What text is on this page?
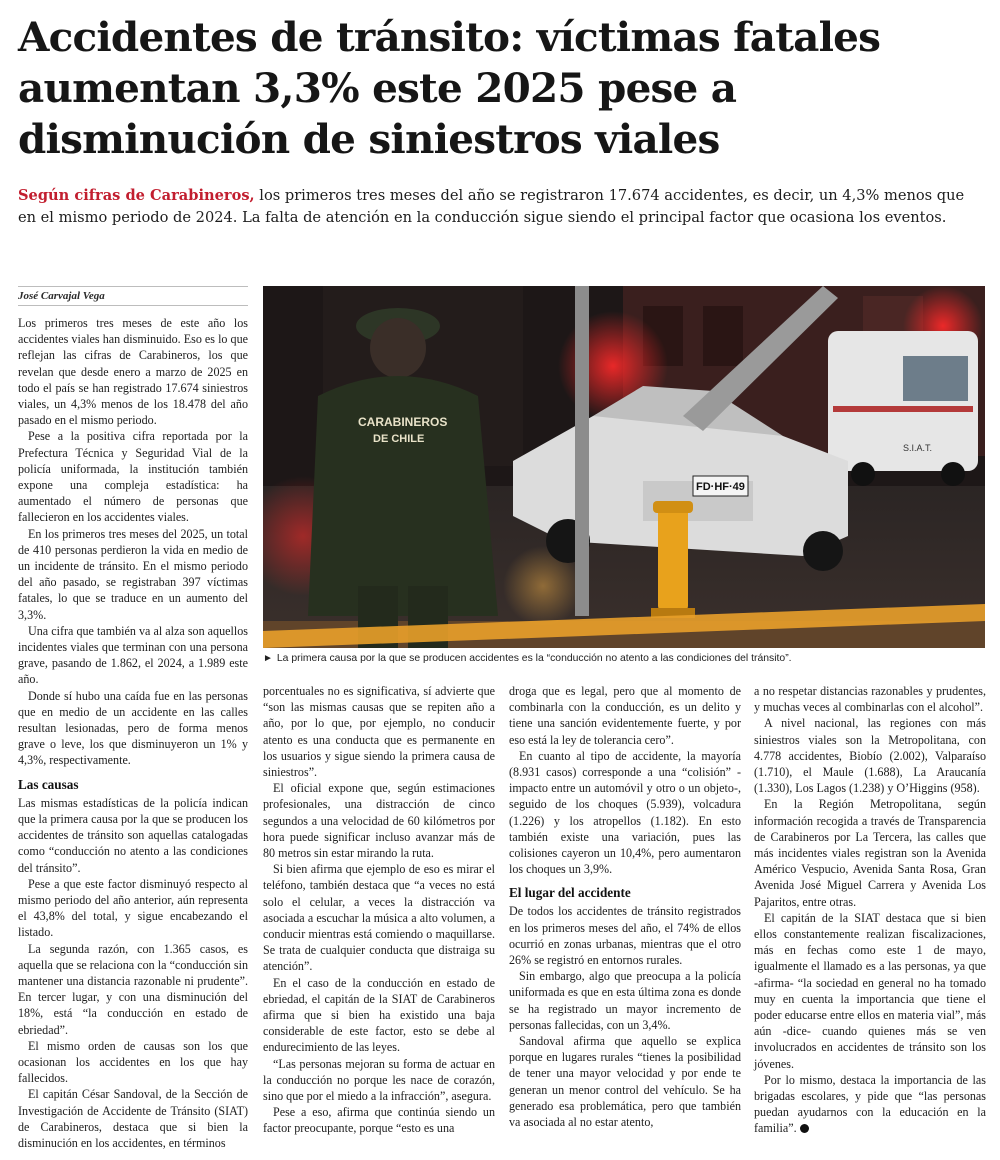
Accidentes de tránsito: víctimas fatales aumentan 3,3% este 2025 pese a disminución de siniestros viales

Según cifras de Carabineros, los primeros tres meses del año se registraron 17.674 accidentes, es decir, un 4,3% menos que en el mismo periodo de 2024. La falta de atención en la conducción sigue siendo el principal factor que ocasiona los eventos.

José Carvajal Vega

Los primeros tres meses de este año los accidentes viales han disminuido. Eso es lo que reflejan las cifras de Carabineros, los que revelan que desde enero a marzo de 2025 en todo el país se han registrado 17.674 siniestros viales, un 4,3% menos de los 18.478 del año pasado en el mismo periodo.

Pese a la positiva cifra reportada por la Prefectura Técnica y Seguridad Vial de la policía uniformada, la institución también expone una compleja estadística: ha aumentado el número de personas que fallecieron en los accidentes viales.

En los primeros tres meses del 2025, un total de 410 personas perdieron la vida en medio de un incidente de tránsito. En el mismo periodo del año pasado, se registraban 397 víctimas fatales, lo que se traduce en un aumento del 3,3%.

Una cifra que también va al alza son aquellos incidentes viales que terminan con una persona grave, pasando de 1.862, el 2024, a 1.989 este año.

Donde sí hubo una caída fue en las personas que en medio de un accidente en las calles resultan lesionadas, pero de forma menos grave o leve, los que disminuyeron un 1% y 4,3%, respectivamente.

Las causas

Las mismas estadísticas de la policía indican que la primera causa por la que se producen los accidentes de tránsito son aquellas catalogadas como “conducción no atento a las condiciones del tránsito”.

Pese a que este factor disminuyó respecto al mismo periodo del año anterior, aún representa el 43,8% del total, y sigue encabezando el listado.

La segunda razón, con 1.365 casos, es aquella que se relaciona con la “conducción sin mantener una distancia razonable ni prudente”. En tercer lugar, y con una disminución del 18%, está “la conducción en estado de ebriedad”.

El mismo orden de causas son los que ocasionan los accidentes en los que hay fallecidos.

El capitán César Sandoval, de la Sección de Investigación de Accidente de Tránsito (SIAT) de Carabineros, destaca que si bien la disminución en los accidentes, en términos

S.I.A.T.
FD·HF·49
CARABINEROS
DE CHILE
► La primera causa por la que se producen accidentes es la “conducción no atento a las condiciones del tránsito”.

porcentuales no es significativa, sí advierte que “son las mismas causas que se repiten año a año, por lo que, por ejemplo, no conducir atento es una conducta que es permanente en los usuarios y sigue siendo la primera causa de siniestros”.

El oficial expone que, según estimaciones profesionales, una distracción de cinco segundos a una velocidad de 60 kilómetros por hora puede significar incluso avanzar más de 80 metros sin estar mirando la ruta.

Si bien afirma que ejemplo de eso es mirar el teléfono, también destaca que “a veces no está solo el celular, a veces la distracción va asociada a escuchar la música a alto volumen, a conducir mientras está comiendo o maquillarse. Se trata de cualquier conducta que distraiga su atención”.

En el caso de la conducción en estado de ebriedad, el capitán de la SIAT de Carabineros afirma que si bien ha existido una baja considerable de este factor, esto se debe al endurecimiento de las leyes.

“Las personas mejoran su forma de actuar en la conducción no porque les nace de corazón, sino que por el miedo a la infracción”, asegura.

Pese a eso, afirma que continúa siendo un factor preocupante, porque “esto es una

droga que es legal, pero que al momento de combinarla con la conducción, es un delito y tiene una sanción evidentemente fuerte, y por eso está la ley de tolerancia cero”.

En cuanto al tipo de accidente, la mayoría (8.931 casos) corresponde a una “colisión” -impacto entre un automóvil y otro o un objeto-, seguido de los choques (5.939), volcadura (1.226) y los atropellos (1.182). En esto también existe una variación, pues las colisiones cayeron un 10,4%, pero aumentaron los choques un 3,9%.

El lugar del accidente

De todos los accidentes de tránsito registrados en los primeros meses del año, el 74% de ellos ocurrió en zonas urbanas, mientras que el otro 26% se registró en entornos rurales.

Sin embargo, algo que preocupa a la policía uniformada es que en esta última zona es donde se ha registrado un mayor incremento de personas fallecidas, con un 3,4%.

Sandoval afirma que aquello se explica porque en lugares rurales “tienes la posibilidad de tener una mayor velocidad y por ende te generan un menor control del vehículo. Se ha generado esa problemática, pero que también va asociada al no estar atento,

a no respetar distancias razonables y prudentes, y muchas veces al combinarlas con el alcohol”.

A nivel nacional, las regiones con más siniestros viales son la Metropolitana, con 4.778 accidentes, Biobío (2.002), Valparaíso (1.710), el Maule (1.688), La Araucanía (1.330), Los Lagos (1.238) y O’Higgins (958).

En la Región Metropolitana, según información recogida a través de Transparencia de Carabineros por La Tercera, las calles que más incidentes viales registran son la Avenida Américo Vespucio, Avenida Santa Rosa, Gran Avenida José Miguel Carrera y Avenida Los Pajaritos, entre otras.

El capitán de la SIAT destaca que si bien ellos constantemente realizan fiscalizaciones, más en fechas como este 1 de mayo, igualmente el llamado es a las personas, ya que -afirma- “la sociedad en general no ha tomado muy en cuenta la importancia que tiene el poder educarse entre ellos en materia vial”, más aún -dice- cuando quienes más se ven involucrados en accidentes de tránsito son los jóvenes.

Por lo mismo, destaca la importancia de las brigadas escolares, y pide que “las personas puedan ayudarnos con la educación en la familia”.
